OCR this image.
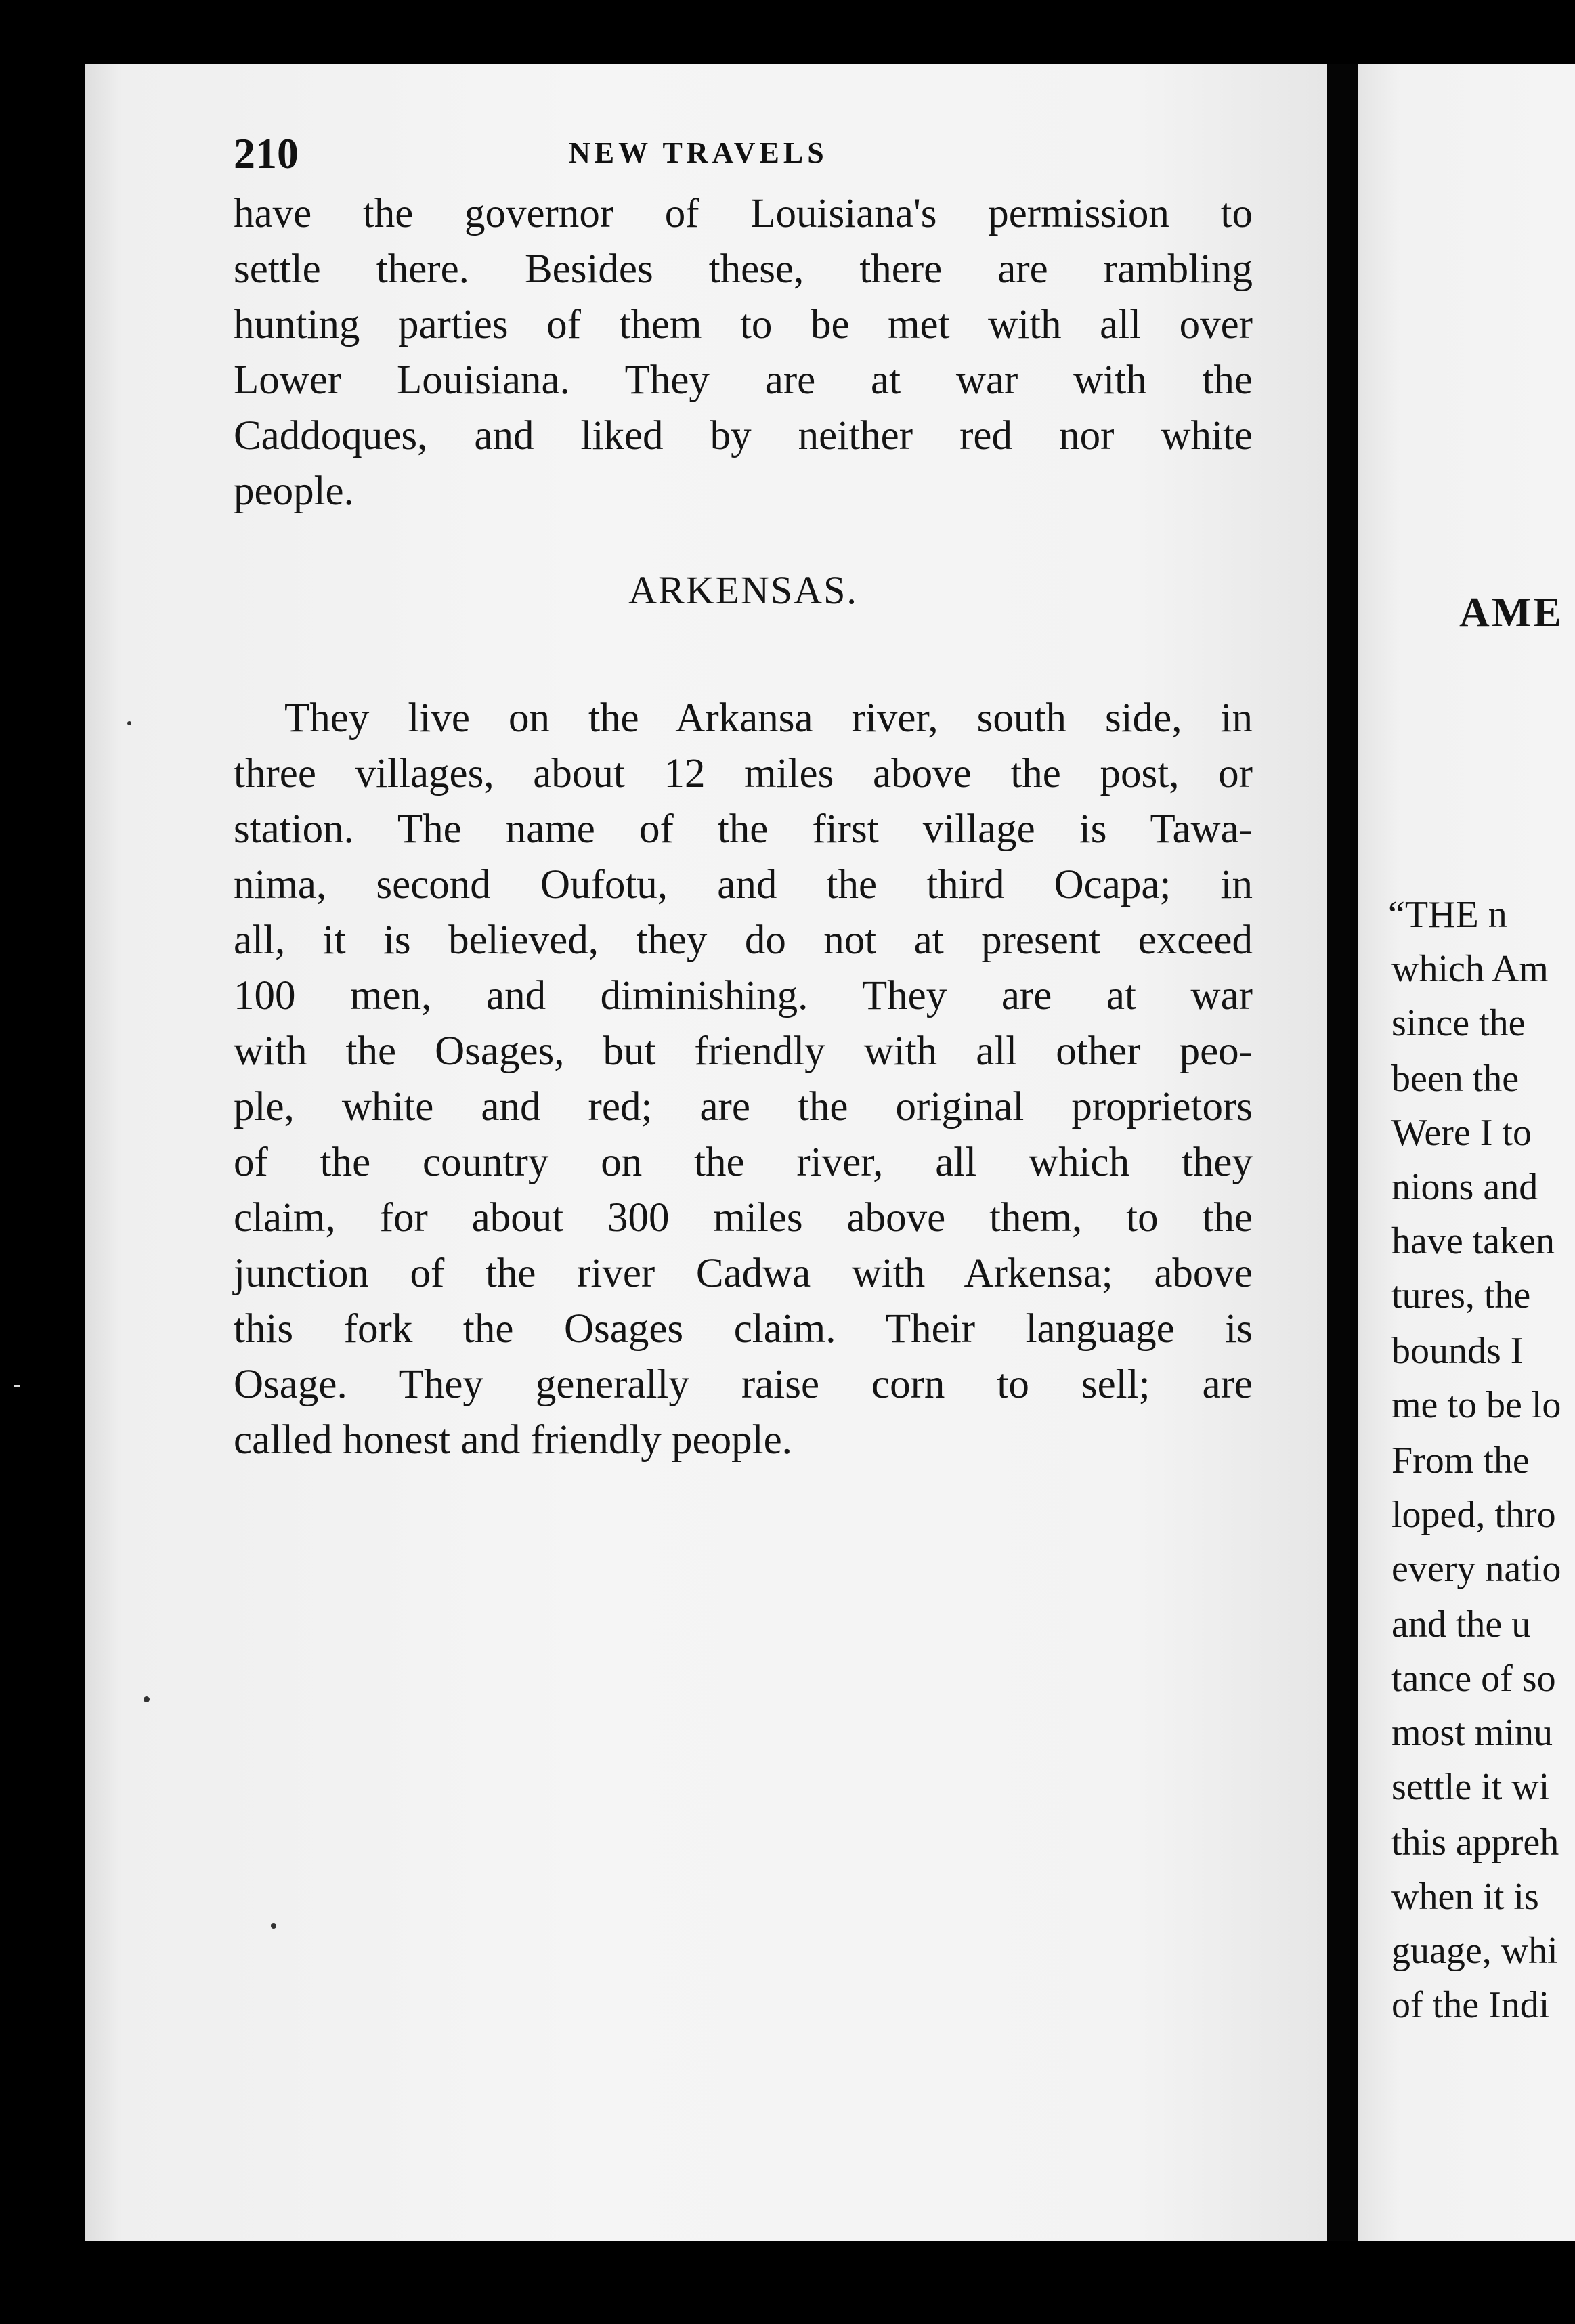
AME
“THE n
which Am
since the
been the
Were I to
nions and
have taken
tures, the
bounds I
me to be lo
From the
loped, thro
every natio
and the u
tance of so
most minu
settle it wi
this appreh
when it is
guage, whi
of the Indi
210	NEW TRAVELS
have the governor of Louisiana's permission to
settle there. Besides these, there are rambling
hunting parties of them to be met with all over
Lower Louisiana. They are at war with the
Caddoques, and liked by neither red nor white
people.
ARKENSAS.
They live on the Arkansa river, south side, in
three villages, about 12 miles above the post, or
station. The name of the first village is Tawa-
nima, second Oufotu, and the third Ocapa; in
all, it is believed, they do not at present exceed
100 men, and diminishing. They are at war
with the Osages, but friendly with all other peo-
ple, white and red; are the original proprietors
of the country on the river, all which they
claim, for about 300 miles above them, to the
junction of the river Cadwa with Arkensa; above
this fork the Osages claim. Their language is
Osage. They generally raise corn to sell; are
called honest and friendly people.
